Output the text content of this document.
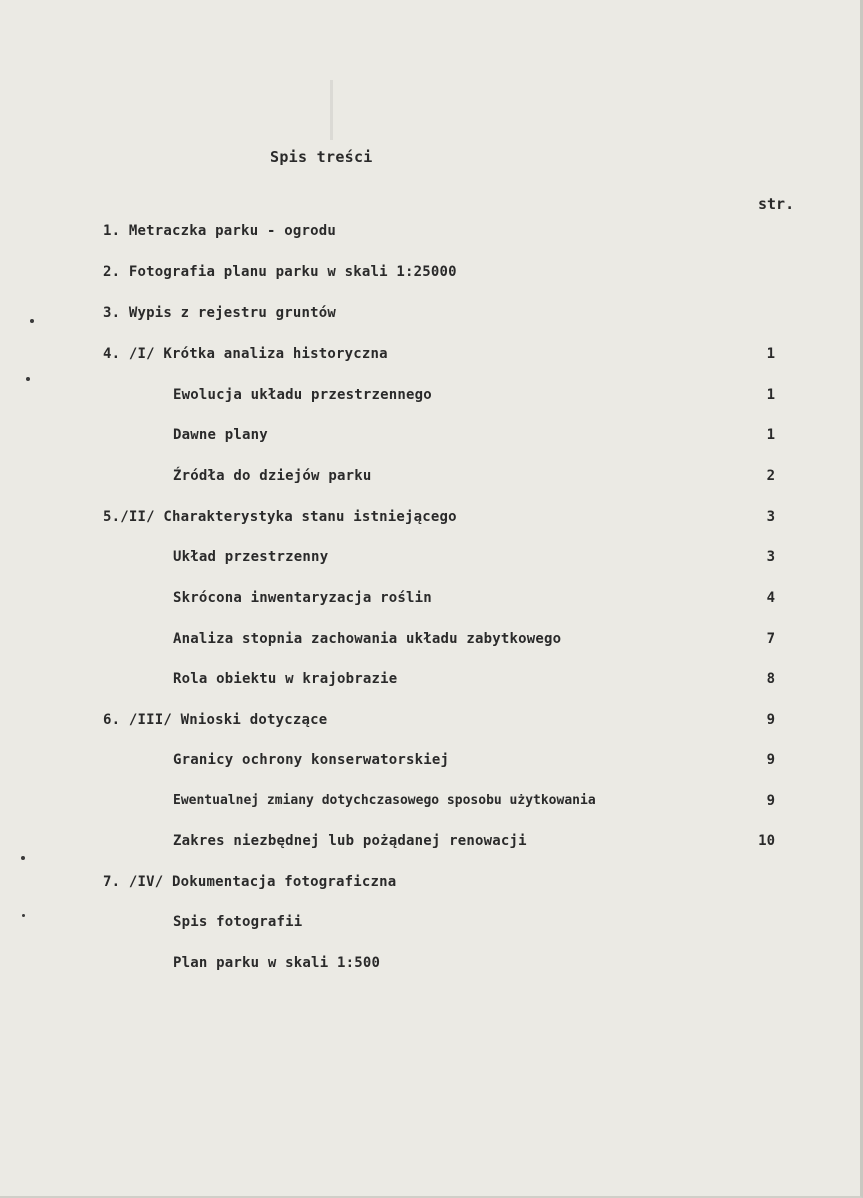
Spis treści
str.
1. Metraczka parku - ogrodu
2. Fotografia planu parku w skali 1:25000
3. Wypis z rejestru gruntów
4. /I/ Krótka analiza historyczna	1
Ewolucja układu przestrzennego	1
Dawne plany	1
Źródła do dziejów parku	2
5./II/ Charakterystyka stanu istniejącego	3
Układ przestrzenny	3
Skrócona inwentaryzacja roślin	4
Analiza stopnia zachowania układu zabytkowego	7
Rola obiektu w krajobrazie	8
6. /III/ Wnioski dotyczące	9
Granicy ochrony konserwatorskiej	9
Ewentualnej zmiany dotychczasowego sposobu użytkowania	9
Zakres niezbędnej lub pożądanej renowacji	10
7. /IV/ Dokumentacja fotograficzna
Spis fotografii
Plan parku w skali 1:500
